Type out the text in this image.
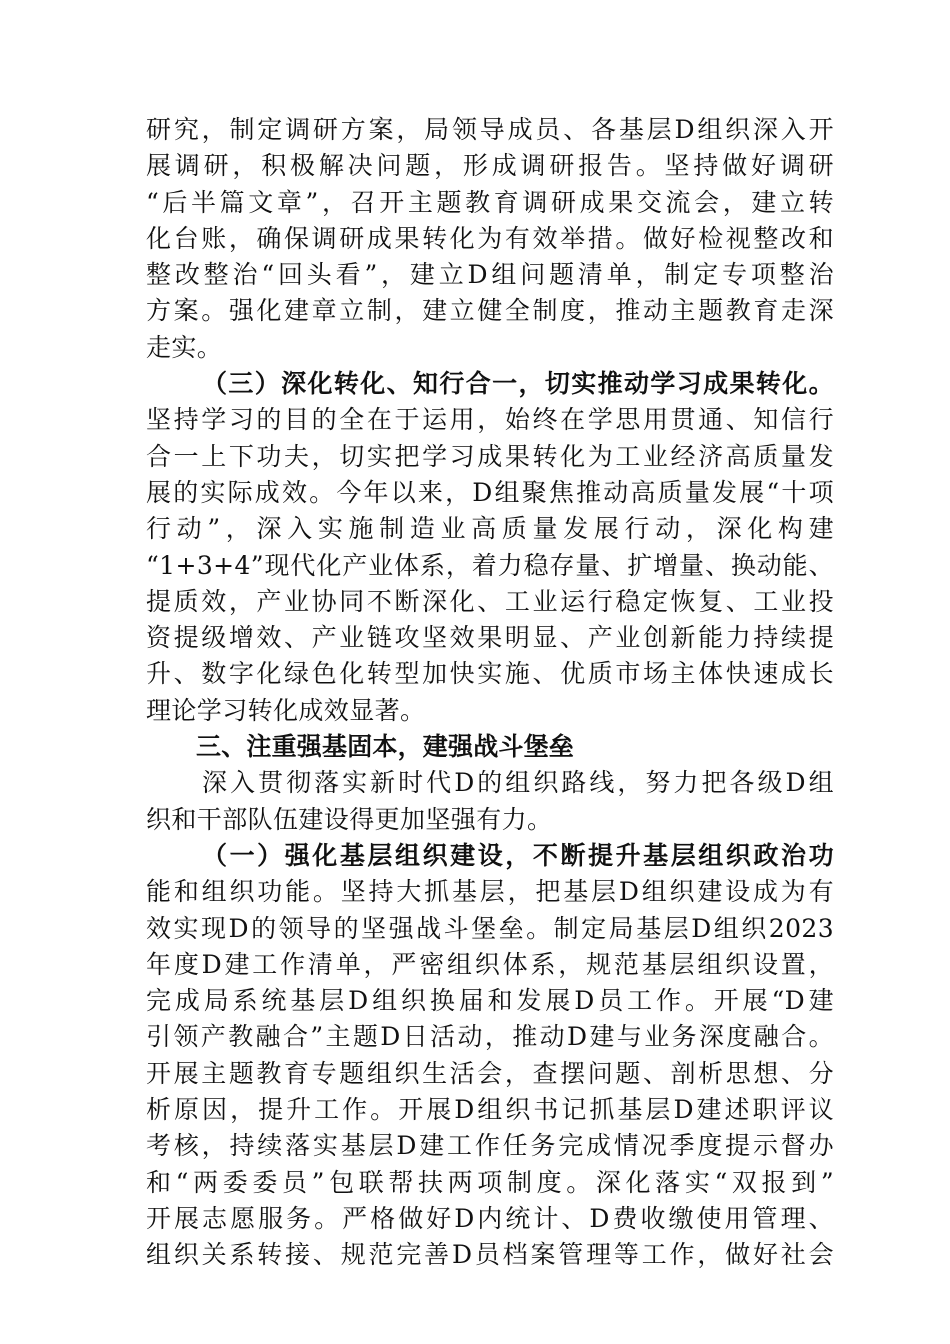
研究，制定调研方案，局领导成员、各基层D组织深入开
展调研，积极解决问题，形成调研报告。坚持做好调研
“后半篇文章”，召开主题教育调研成果交流会，建立转
化台账，确保调研成果转化为有效举措。做好检视整改和
整改整治“回头看”，建立D组问题清单，制定专项整治
方案。强化建章立制，建立健全制度，推动主题教育走深
走实。
（三）深化转化、知行合一，切实推动学习成果转化。
坚持学习的目的全在于运用，始终在学思用贯通、知信行
合一上下功夫，切实把学习成果转化为工业经济高质量发
展的实际成效。今年以来，D组聚焦推动高质量发展“十项
行动”，深入实施制造业高质量发展行动，深化构建
“1+3+4”现代化产业体系，着力稳存量、扩增量、换动能、
提质效，产业协同不断深化、工业运行稳定恢复、工业投
资提级增效、产业链攻坚效果明显、产业创新能力持续提
升、数字化绿色化转型加快实施、优质市场主体快速成长
理论学习转化成效显著。
三、注重强基固本，建强战斗堡垒
深入贯彻落实新时代D的组织路线，努力把各级D组
织和干部队伍建设得更加坚强有力。
（一）强化基层组织建设，不断提升基层组织政治功
能和组织功能。坚持大抓基层，把基层D组织建设成为有
效实现D的领导的坚强战斗堡垒。制定局基层D组织2023
年度D建工作清单，严密组织体系，规范基层组织设置，
完成局系统基层D组织换届和发展D员工作。开展“D建
引领产教融合”主题D日活动，推动D建与业务深度融合。
开展主题教育专题组织生活会，查摆问题、剖析思想、分
析原因，提升工作。开展D组织书记抓基层D建述职评议
考核，持续落实基层D建工作任务完成情况季度提示督办
和“两委委员”包联帮扶两项制度。深化落实“双报到”
开展志愿服务。严格做好D内统计、D费收缴使用管理、
组织关系转接、规范完善D员档案管理等工作，做好社会
